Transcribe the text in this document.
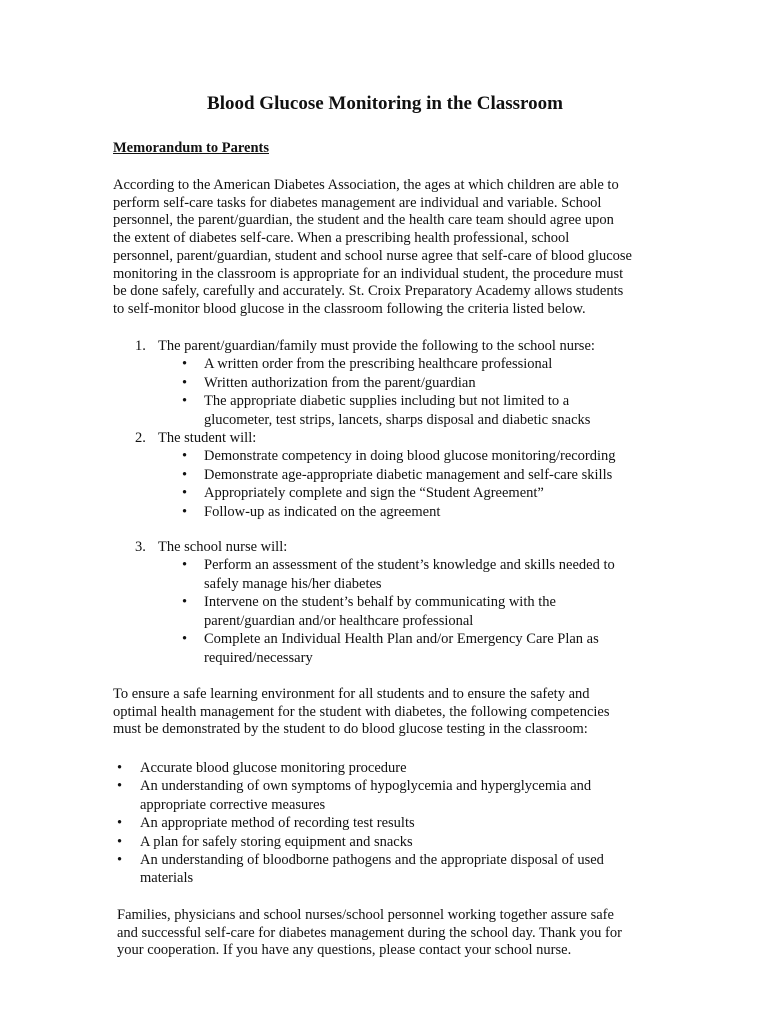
Blood Glucose Monitoring in the Classroom
Memorandum to Parents
According to the American Diabetes Association, the ages at which children are able to
perform self-care tasks for diabetes management are individual and variable. School
personnel, the parent/guardian, the student and the health care team should agree upon
the extent of diabetes self-care. When a prescribing health professional, school
personnel, parent/guardian, student and school nurse agree that self-care of blood glucose
monitoring in the classroom is appropriate for an individual student, the procedure must
be done safely, carefully and accurately. St. Croix Preparatory Academy allows students
to self-monitor blood glucose in the classroom following the criteria listed below.
1. The parent/guardian/family must provide the following to the school nurse:
• A written order from the prescribing healthcare professional
• Written authorization from the parent/guardian
• The appropriate diabetic supplies including but not limited to a
glucometer, test strips, lancets, sharps disposal and diabetic snacks
2. The student will:
• Demonstrate competency in doing blood glucose monitoring/recording
• Demonstrate age-appropriate diabetic management and self-care skills
• Appropriately complete and sign the “Student Agreement”
• Follow-up as indicated on the agreement
3. The school nurse will:
• Perform an assessment of the student’s knowledge and skills needed to
safely manage his/her diabetes
• Intervene on the student’s behalf by communicating with the
parent/guardian and/or healthcare professional
• Complete an Individual Health Plan and/or Emergency Care Plan as
required/necessary
To ensure a safe learning environment for all students and to ensure the safety and
optimal health management for the student with diabetes, the following competencies
must be demonstrated by the student to do blood glucose testing in the classroom:
• Accurate blood glucose monitoring procedure
• An understanding of own symptoms of hypoglycemia and hyperglycemia and
appropriate corrective measures
• An appropriate method of recording test results
• A plan for safely storing equipment and snacks
• An understanding of bloodborne pathogens and the appropriate disposal of used
materials
Families, physicians and school nurses/school personnel working together assure safe
and successful self-care for diabetes management during the school day. Thank you for
your cooperation. If you have any questions, please contact your school nurse.
